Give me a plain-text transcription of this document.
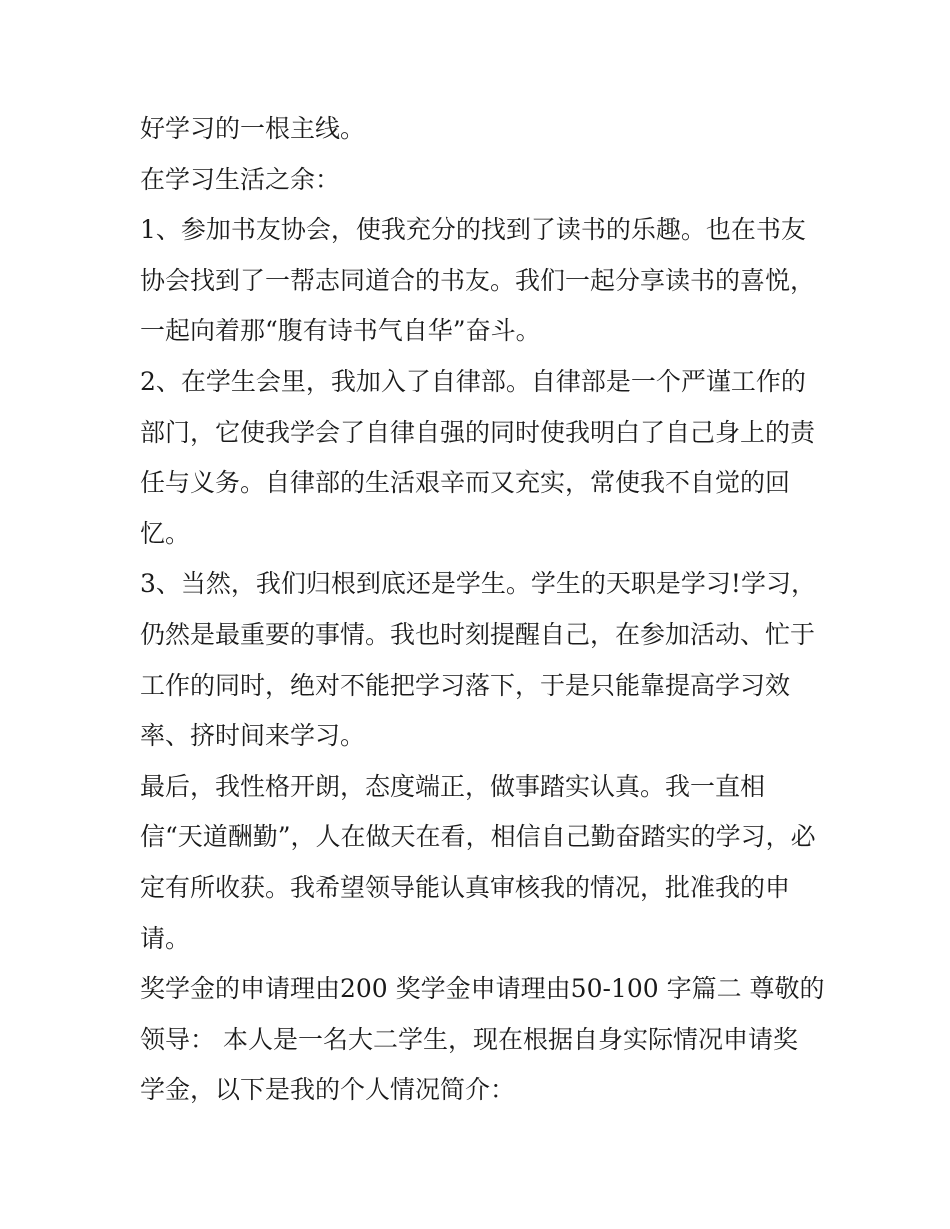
好学习的一根主线。
在学习生活之余：
1、参加书友协会，使我充分的找到了读书的乐趣。也在书友
协会找到了一帮志同道合的书友。我们一起分享读书的喜悦，
一起向着那“腹有诗书气自华”奋斗。
2、在学生会里，我加入了自律部。自律部是一个严谨工作的
部门，它使我学会了自律自强的同时使我明白了自己身上的责
任与义务。自律部的生活艰辛而又充实，常使我不自觉的回
忆。
3、当然，我们归根到底还是学生。学生的天职是学习!学习，
仍然是最重要的事情。我也时刻提醒自己，在参加活动、忙于
工作的同时，绝对不能把学习落下，于是只能靠提高学习效
率、挤时间来学习。
最后，我性格开朗，态度端正，做事踏实认真。我一直相
信“天道酬勤”，人在做天在看，相信自己勤奋踏实的学习，必
定有所收获。我希望领导能认真审核我的情况，批准我的申
请。
奖学金的申请理由200 奖学金申请理由50-100 字篇二 尊敬的
领导： 本人是一名大二学生，现在根据自身实际情况申请奖
学金，以下是我的个人情况简介：
